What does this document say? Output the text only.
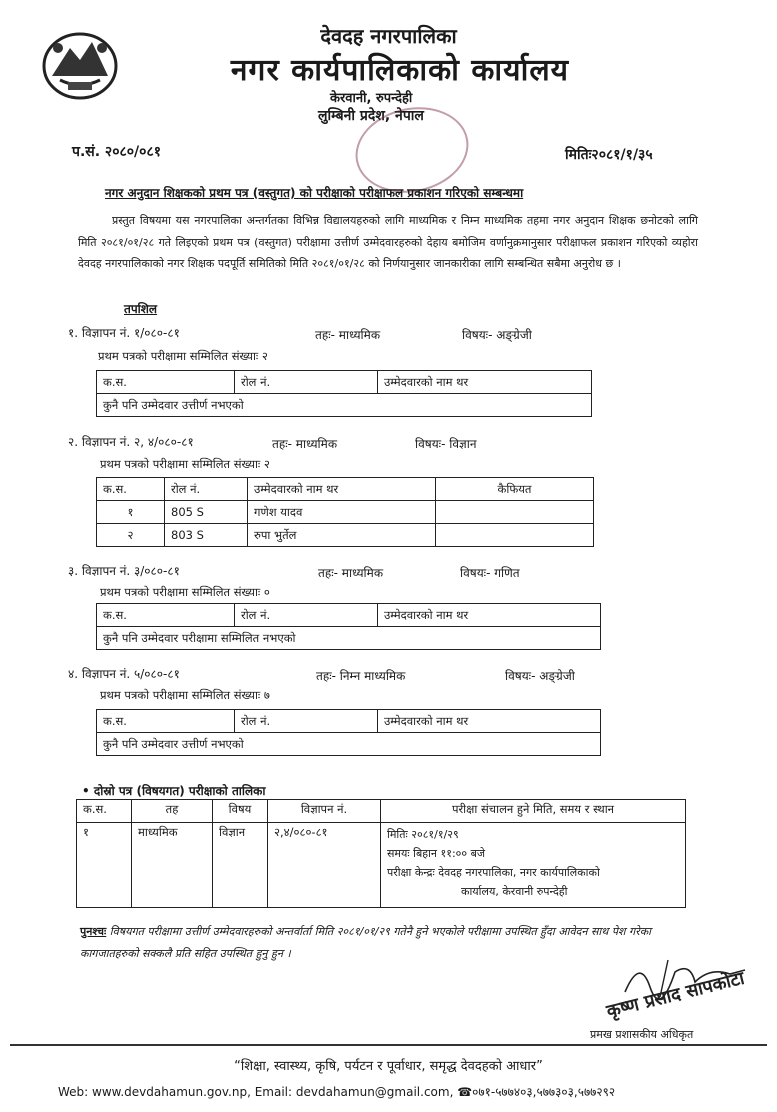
देवदह नगरपालिका
नगर कार्यपालिकाको कार्यालय
केरवानी, रुपन्देही
लुम्बिनी प्रदेश, नेपाल
प.सं. २०८०/०८१	मितिः२०८१/१/३५
नगर अनुदान शिक्षकको प्रथम पत्र (वस्तुगत) को परीक्षाको परीक्षाफल प्रकाशन गरिएको सम्बन्धमा
प्रस्तुत विषयमा यस नगरपालिका अन्तर्गतका विभिन्न विद्यालयहरुको लागि माध्यमिक र निम्न माध्यमिक तहमा नगर अनुदान शिक्षक छनोटको लागि मिति २०८१/०१/२८ गते लिइएको प्रथम पत्र (वस्तुगत) परीक्षामा उत्तीर्ण उम्मेदवारहरुको देहाय बमोजिम वर्णानुक्रमानुसार परीक्षाफल प्रकाशन गरिएको व्यहोरा देवदह नगरपालिकाको नगर शिक्षक पदपूर्ति समितिको मिति २०८१/०१/२८ को निर्णयानुसार जानकारीका लागि सम्बन्धित सबैमा अनुरोध छ ।
तपशिल
१. विज्ञापन नं. १/०८०-८१	तहः- माध्यमिक	विषयः- अङ्ग्रेजी
प्रथम पत्रको परीक्षामा सम्मिलित संख्याः २
क.स.	रोल नं.	उम्मेदवारको नाम थर
कुनै पनि उम्मेदवार उत्तीर्ण नभएको
२. विज्ञापन नं. २, ४/०८०-८१	तहः- माध्यमिक	विषयः- विज्ञान
प्रथम पत्रको परीक्षामा सम्मिलित संख्याः २
क.स.	रोल नं.	उम्मेदवारको नाम थर	कैफियत
१	805 S	गणेश यादव	
२	803 S	रुपा भुर्तेल	
३. विज्ञापन नं. ३/०८०-८१	तहः- माध्यमिक	विषयः- गणित
प्रथम पत्रको परीक्षामा सम्मिलित संख्याः ०
क.स.	रोल नं.	उम्मेदवारको नाम थर
कुनै पनि उम्मेदवार परीक्षामा सम्मिलित नभएको
४. विज्ञापन नं. ५/०८०-८१	तहः- निम्न माध्यमिक	विषयः- अङ्ग्रेजी
प्रथम पत्रको परीक्षामा सम्मिलित संख्याः ७
क.स.	रोल नं.	उम्मेदवारको नाम थर
कुनै पनि उम्मेदवार उत्तीर्ण नभएको
• दोस्रो पत्र (विषयगत) परीक्षाको तालिका
क.स.	तह	विषय	विज्ञापन नं.	परीक्षा संचालन हुने मिति, समय र स्थान
१	माध्यमिक	विज्ञान	२,४/०८०-८१	मितिः २०८१/१/२९
समयः बिहान ११:०० बजे
परीक्षा केन्द्रः देवदह नगरपालिका, नगर कार्यपालिकाको
कार्यालय, केरवानी रुपन्देही
पुनश्चः विषयगत परीक्षामा उत्तीर्ण उम्मेदवारहरुको अन्तर्वार्ता मिति २०८१/०१/२९ गतेनै हुने भएकोले परीक्षामा उपस्थित हुँदा आवेदन साथ पेश गरेका कागजातहरुको सक्कलै प्रति सहित उपस्थित हुनु हुन ।
कृष्ण प्रसाद सापकोटा
प्रमख प्रशासकीय अधिकृत
“शिक्षा, स्वास्थ्य, कृषि, पर्यटन र पूर्वाधार, समृद्ध देवदहको आधार”
Web: www.devdahamun.gov.np, Email: devdahamun@gmail.com, ☎०७१-५७७४०३,५७७३०३,५७७२९२
